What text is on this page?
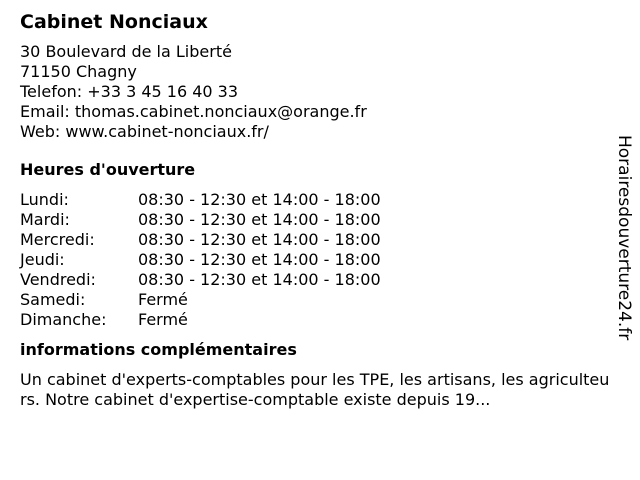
Cabinet Nonciaux
30 Boulevard de la Liberté
71150 Chagny
Telefon: +33 3 45 16 40 33
Email: thomas.cabinet.nonciaux@orange.fr
Web: www.cabinet-nonciaux.fr/
Heures d'ouverture
Lundi:	08:30 - 12:30 et 14:00 - 18:00
Mardi:	08:30 - 12:30 et 14:00 - 18:00
Mercredi:	08:30 - 12:30 et 14:00 - 18:00
Jeudi:	08:30 - 12:30 et 14:00 - 18:00
Vendredi:	08:30 - 12:30 et 14:00 - 18:00
Samedi:	Fermé
Dimanche:	Fermé
informations complémentaires
Un cabinet d'experts-comptables pour les TPE, les artisans, les agriculteurs. Notre cabinet d'expertise-comptable existe depuis 19...
Horairesdouverture24.fr
